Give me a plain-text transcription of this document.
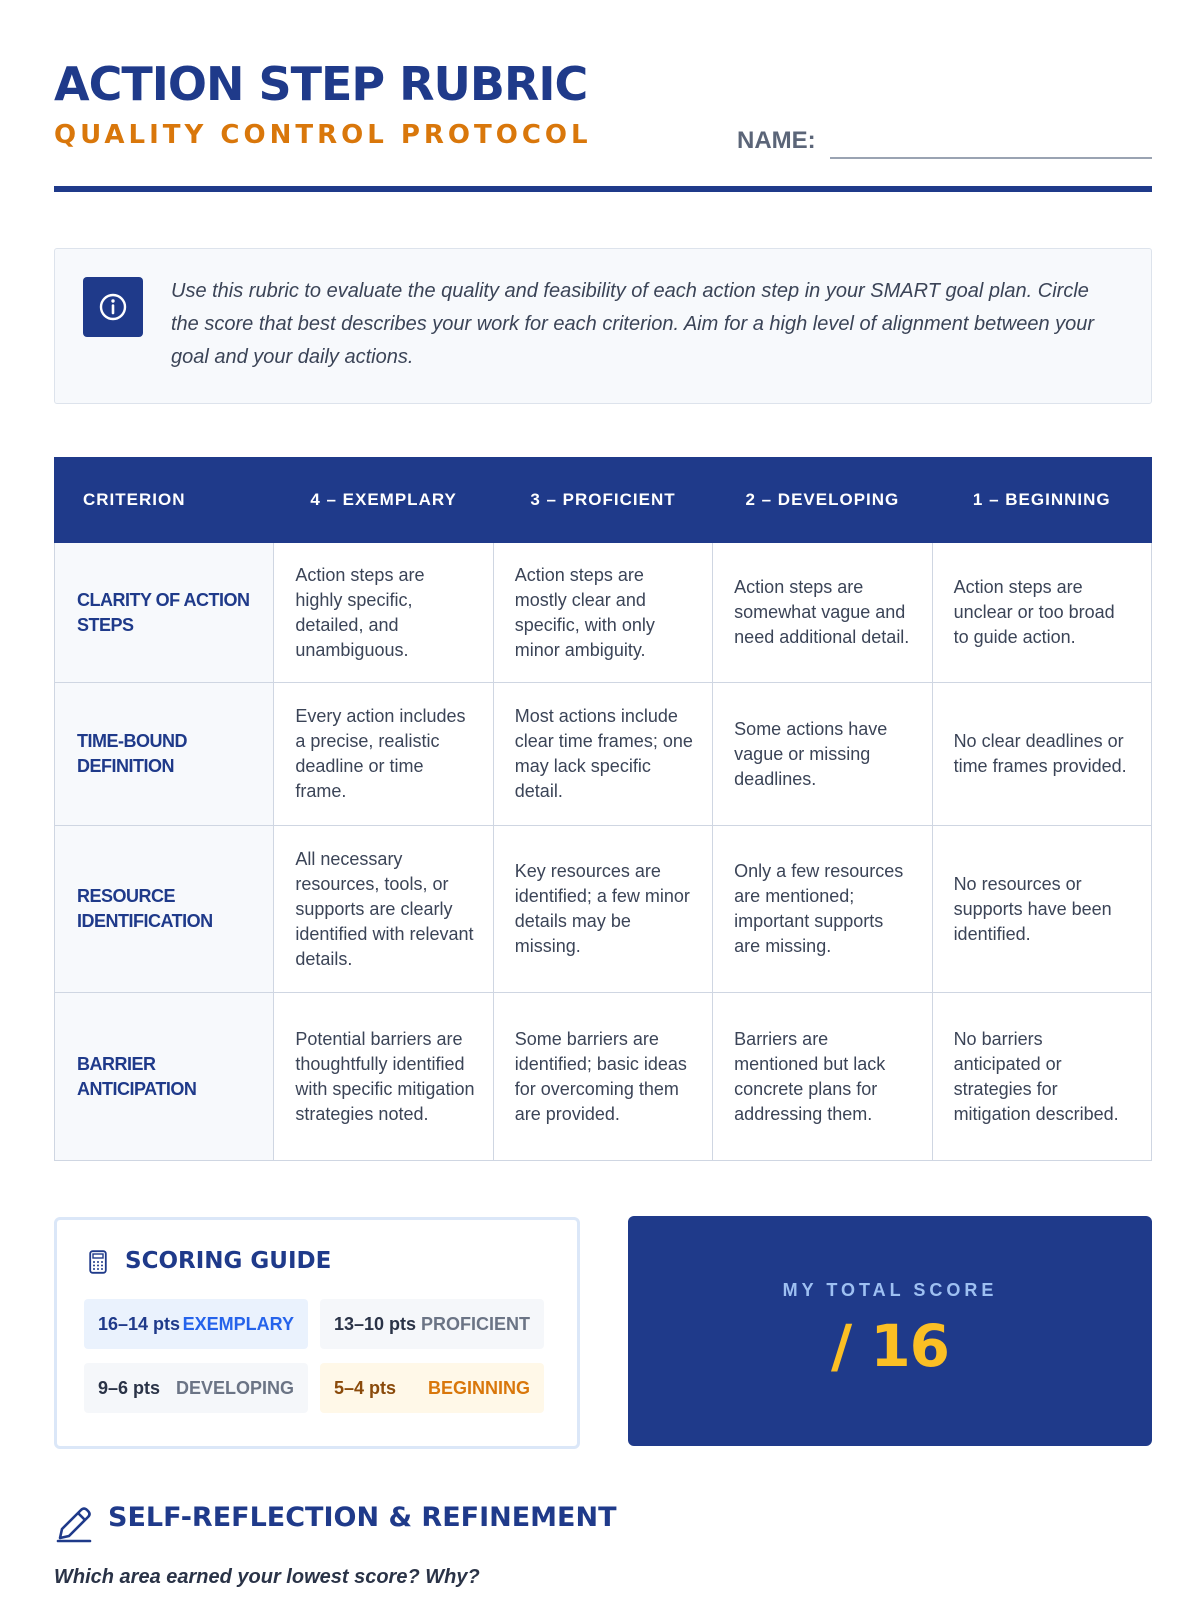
ACTION STEP RUBRIC
QUALITY CONTROL PROTOCOL	NAME:
Use this rubric to evaluate the quality and feasibility of each action step in your SMART goal plan. Circle the score that best describes your work for each criterion. Aim for a high level of alignment between your goal and your daily actions.
CRITERION	4 – EXEMPLARY	3 – PROFICIENT	2 – DEVELOPING	1 – BEGINNING
CLARITY OF ACTION STEPS	Action steps are highly specific, detailed, and unambiguous.	Action steps are mostly clear and specific, with only minor ambiguity.	Action steps are somewhat vague and need additional detail.	Action steps are unclear or too broad to guide action.
TIME-BOUND DEFINITION	Every action includes a precise, realistic deadline or time frame.	Most actions include clear time frames; one may lack specific detail.	Some actions have vague or missing deadlines.	No clear deadlines or time frames provided.
RESOURCE IDENTIFICATION	All necessary resources, tools, or supports are clearly identified with relevant details.	Key resources are identified; a few minor details may be missing.	Only a few resources are mentioned; important supports are missing.	No resources or supports have been identified.
BARRIER ANTICIPATION	Potential barriers are thoughtfully identified with specific mitigation strategies noted.	Some barriers are identified; basic ideas for overcoming them are provided.	Barriers are mentioned but lack concrete plans for addressing them.	No barriers anticipated or strategies for mitigation described.
SCORING GUIDE
16–14 pts EXEMPLARY 13–10 pts PROFICIENT
9–6 pts DEVELOPING 5–4 pts BEGINNING
MY TOTAL SCORE
/ 16
SELF-REFLECTION & REFINEMENT
Which area earned your lowest score? Why?
